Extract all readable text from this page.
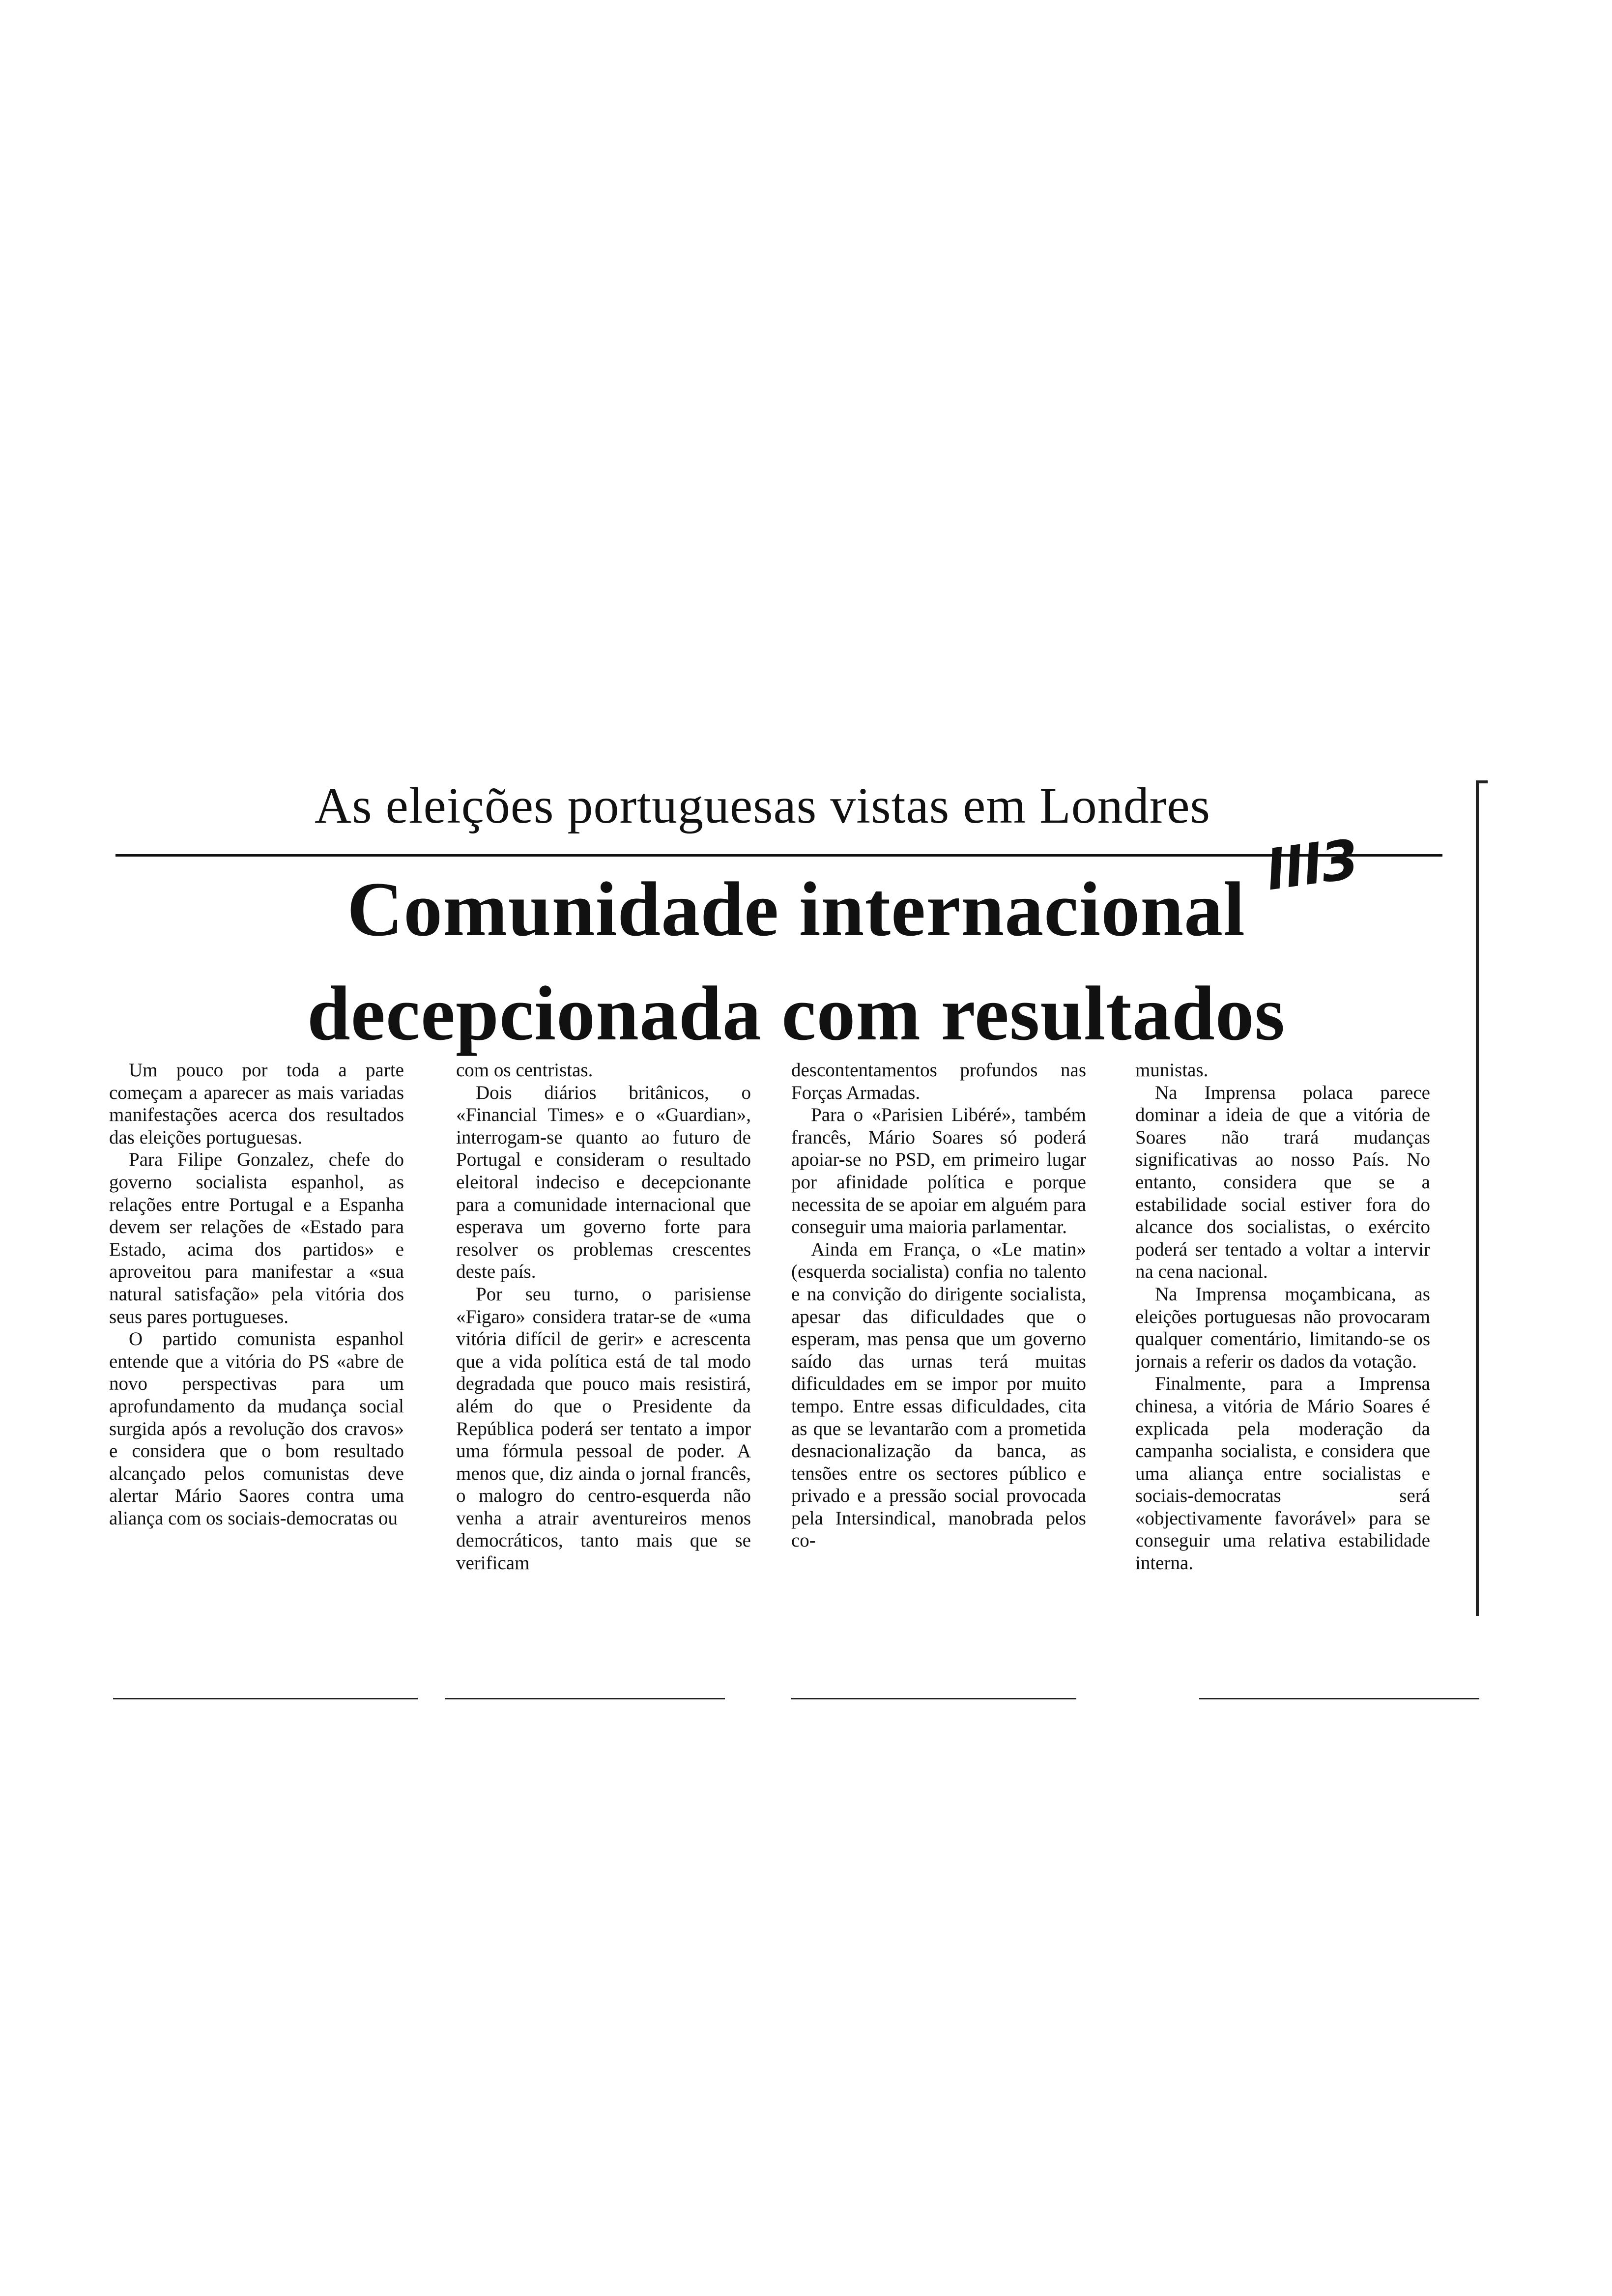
As eleições portuguesas vistas em Londres
Comunidade internacional
decepcionada com resultados
lll3

Um pouco por toda a parte começam a aparecer as mais variadas manifestações acerca dos resultados das eleições portuguesas.

Para Filipe Gonzalez, chefe do governo socialista espanhol, as relações entre Portugal e a Espanha devem ser relações de «Estado para Estado, acima dos partidos» e aproveitou para manifestar a «sua natural satisfação» pela vitória dos seus pares portugueses.

O partido comunista espanhol entende que a vitória do PS «abre de novo perspectivas para um aprofundamento da mudança social surgida após a revolução dos cravos» e considera que o bom resultado alcançado pelos comunistas deve alertar Mário Saores contra uma aliança com os sociais-democratas ou

com os centristas.

Dois diários britânicos, o «Financial Times» e o «Guardian», interrogam-se quanto ao futuro de Portugal e consideram o resultado eleitoral indeciso e decepcionante para a comunidade internacional que esperava um governo forte para resolver os problemas crescentes deste país.

Por seu turno, o parisiense «Figaro» considera tratar-se de «uma vitória difícil de gerir» e acrescenta que a vida política está de tal modo degradada que pouco mais resistirá, além do que o Presidente da República poderá ser tentato a impor uma fórmula pessoal de poder. A menos que, diz ainda o jornal francês, o malogro do centro-esquerda não venha a atrair aventureiros menos democráticos, tanto mais que se verificam

descontentamentos profundos nas Forças Armadas.

Para o «Parisien Libéré», também francês, Mário Soares só poderá apoiar-se no PSD, em primeiro lugar por afinidade política e porque necessita de se apoiar em alguém para conseguir uma maioria parlamentar.

Ainda em França, o «Le matin» (esquerda socialista) confia no talento e na convição do dirigente socialista, apesar das dificuldades que o esperam, mas pensa que um governo saído das urnas terá muitas dificuldades em se impor por muito tempo. Entre essas dificuldades, cita as que se levantarão com a prometida desnacionalização da banca, as tensões entre os sectores público e privado e a pressão social provocada pela Intersindical, manobrada pelos co-

munistas.

Na Imprensa polaca parece dominar a ideia de que a vitória de Soares não trará mudanças significativas ao nosso País. No entanto, considera que se a estabilidade social estiver fora do alcance dos socialistas, o exército poderá ser tentado a voltar a intervir na cena nacional.

Na Imprensa moçambicana, as eleições portuguesas não provocaram qualquer comentário, limitando-se os jornais a referir os dados da votação.

Finalmente, para a Imprensa chinesa, a vitória de Mário Soares é explicada pela moderação da campanha socialista, e considera que uma aliança entre socialistas e sociais-democratas será «objectivamente favorável» para se conseguir uma relativa estabilidade interna.
